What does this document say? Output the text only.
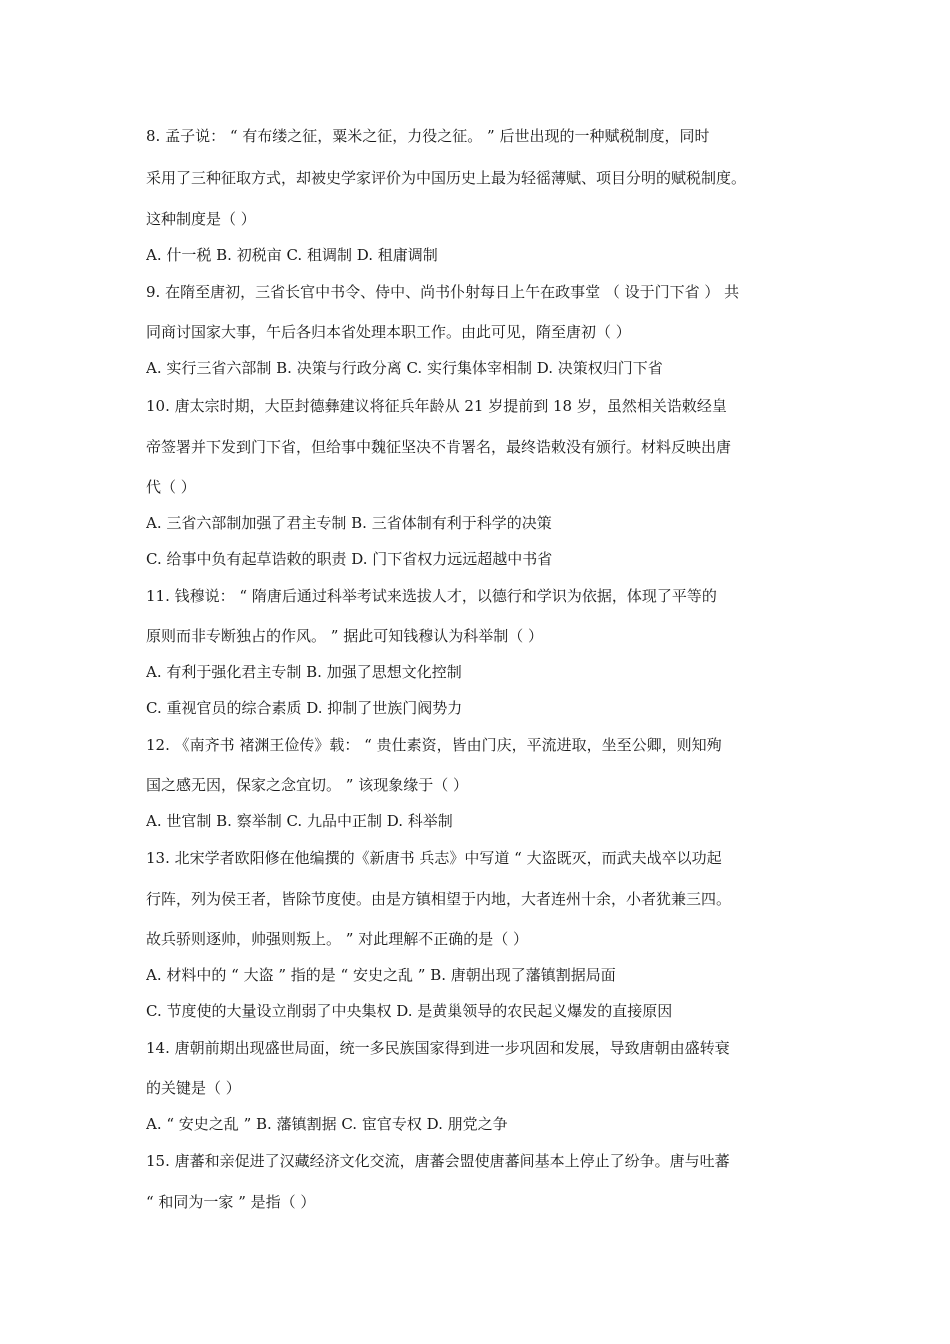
8. 孟子说： “ 有布缕之征，粟米之征，力役之征。 ” 后世出现的一种赋税制度，同时
采用了三种征取方式，却被史学家评价为中国历史上最为轻徭薄赋、项目分明的赋税制度。
这种制度是（ ）
A. 什一税 B. 初税亩 C. 租调制 D. 租庸调制
9. 在隋至唐初，三省长官中书令、侍中、尚书仆射每日上午在政事堂 （ 设于门下省 ） 共
同商讨国家大事，午后各归本省处理本职工作。由此可见，隋至唐初（ ）
A. 实行三省六部制 B. 决策与行政分离 C. 实行集体宰相制 D. 决策权归门下省
10. 唐太宗时期，大臣封德彝建议将征兵年龄从 21 岁提前到 18 岁，虽然相关诰敕经皇
帝签署并下发到门下省，但给事中魏征坚决不肯署名，最终诰敕没有颁行。材料反映出唐
代（ ）
A. 三省六部制加强了君主专制 B. 三省体制有利于科学的决策
C. 给事中负有起草诰敕的职责 D. 门下省权力远远超越中书省
11. 钱穆说： “ 隋唐后通过科举考试来选拔人才，以德行和学识为依据，体现了平等的
原则而非专断独占的作风。 ” 据此可知钱穆认为科举制（ ）
A. 有利于强化君主专制 B. 加强了思想文化控制
C. 重视官员的综合素质 D. 抑制了世族门阀势力
12. 《南齐书 褚渊王俭传》载： “ 贵仕素资，皆由门庆，平流进取，坐至公卿，则知殉
国之感无因，保家之念宜切。 ” 该现象缘于（ ）
A. 世官制 B. 察举制 C. 九品中正制 D. 科举制
13. 北宋学者欧阳修在他编撰的《新唐书 兵志》中写道 “ 大盗既灭，而武夫战卒以功起
行阵，列为侯王者，皆除节度使。由是方镇相望于内地，大者连州十余，小者犹兼三四。
故兵骄则逐帅，帅强则叛上。 ” 对此理解不正确的是（ ）
A. 材料中的 “ 大盗 ” 指的是 “ 安史之乱 ” B. 唐朝出现了藩镇割据局面
C. 节度使的大量设立削弱了中央集权 D. 是黄巢领导的农民起义爆发的直接原因
14. 唐朝前期出现盛世局面，统一多民族国家得到进一步巩固和发展，导致唐朝由盛转衰
的关键是（ ）
A. “ 安史之乱 ” B. 藩镇割据 C. 宦官专权 D. 朋党之争
15. 唐蕃和亲促进了汉藏经济文化交流，唐蕃会盟使唐蕃间基本上停止了纷争。唐与吐蕃
“ 和同为一家 ” 是指（ ）
